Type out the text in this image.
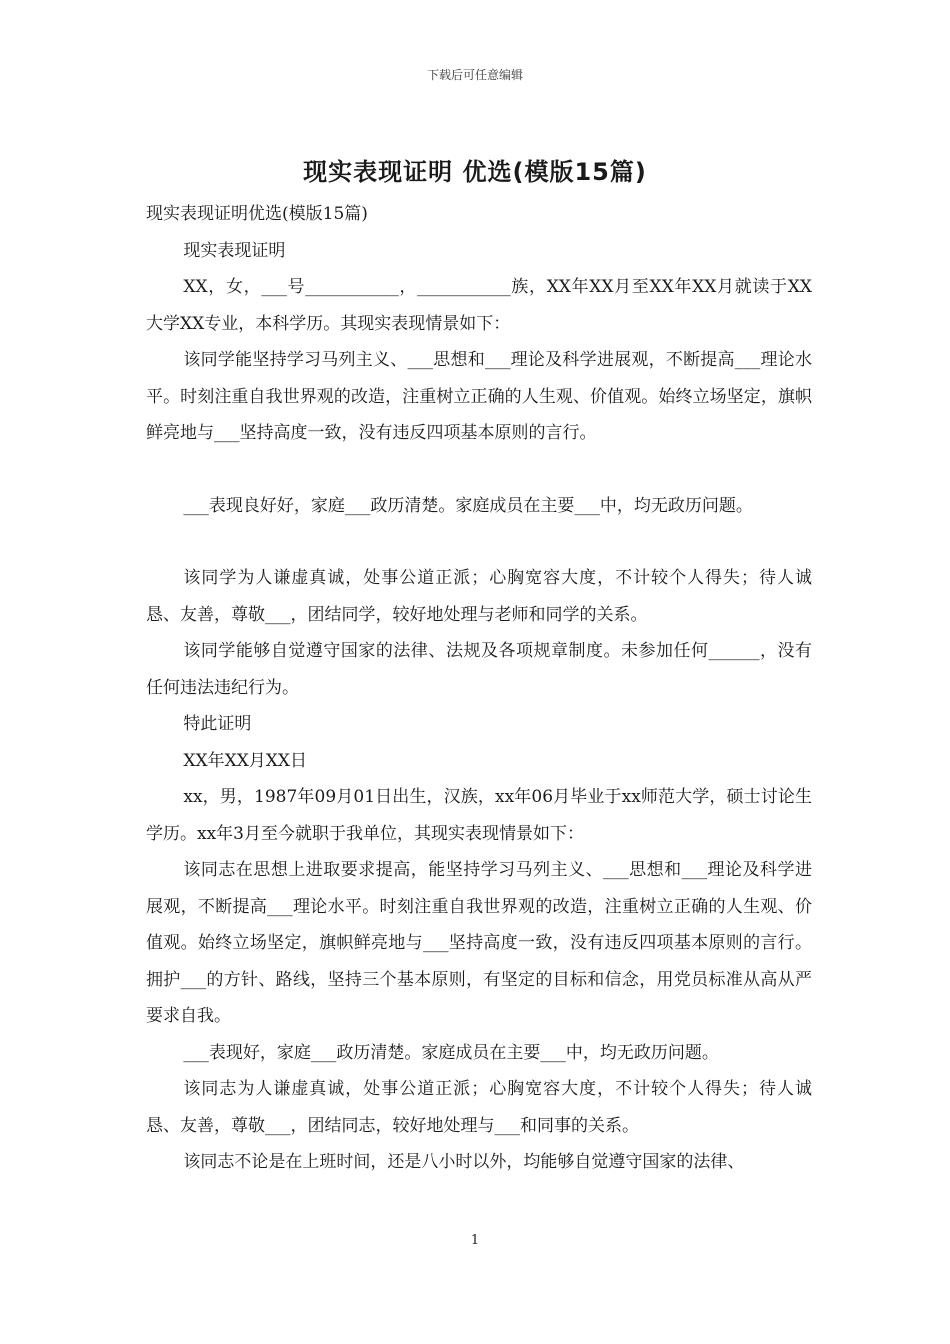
下载后可任意编辑
现实表现证明 优选(模版15篇)

现实表现证明优选(模版15篇)

现实表现证明

XX，女，___号___________，___________族，XX年XX月至XX年XX月就读于XX大学XX专业，本科学历。其现实表现情景如下：

该同学能坚持学习马列主义、___思想和___理论及科学进展观，不断提高___理论水平。时刻注重自我世界观的改造，注重树立正确的人生观、价值观。始终立场坚定，旗帜鲜亮地与___坚持高度一致，没有违反四项基本原则的言行。

___表现良好好，家庭___政历清楚。家庭成员在主要___中，均无政历问题。

该同学为人谦虚真诚，处事公道正派；心胸宽容大度，不计较个人得失；待人诚恳、友善，尊敬___，团结同学，较好地处理与老师和同学的关系。

该同学能够自觉遵守国家的法律、法规及各项规章制度。未参加任何______，没有任何违法违纪行为。

特此证明

XX年XX月XX日

xx，男，1987年09月01日出生，汉族，xx年06月毕业于xx师范大学，硕士讨论生学历。xx年3月至今就职于我单位，其现实表现情景如下：

该同志在思想上进取要求提高，能坚持学习马列主义、___思想和___理论及科学进展观，不断提高___理论水平。时刻注重自我世界观的改造，注重树立正确的人生观、价值观。始终立场坚定，旗帜鲜亮地与___坚持高度一致，没有违反四项基本原则的言行。拥护___的方针、路线，坚持三个基本原则，有坚定的目标和信念，用党员标准从高从严要求自我。

___表现好，家庭___政历清楚。家庭成员在主要___中，均无政历问题。

该同志为人谦虚真诚，处事公道正派；心胸宽容大度，不计较个人得失；待人诚恳、友善，尊敬___，团结同志，较好地处理与___和同事的关系。

该同志不论是在上班时间，还是八小时以外，均能够自觉遵守国家的法律、

1
